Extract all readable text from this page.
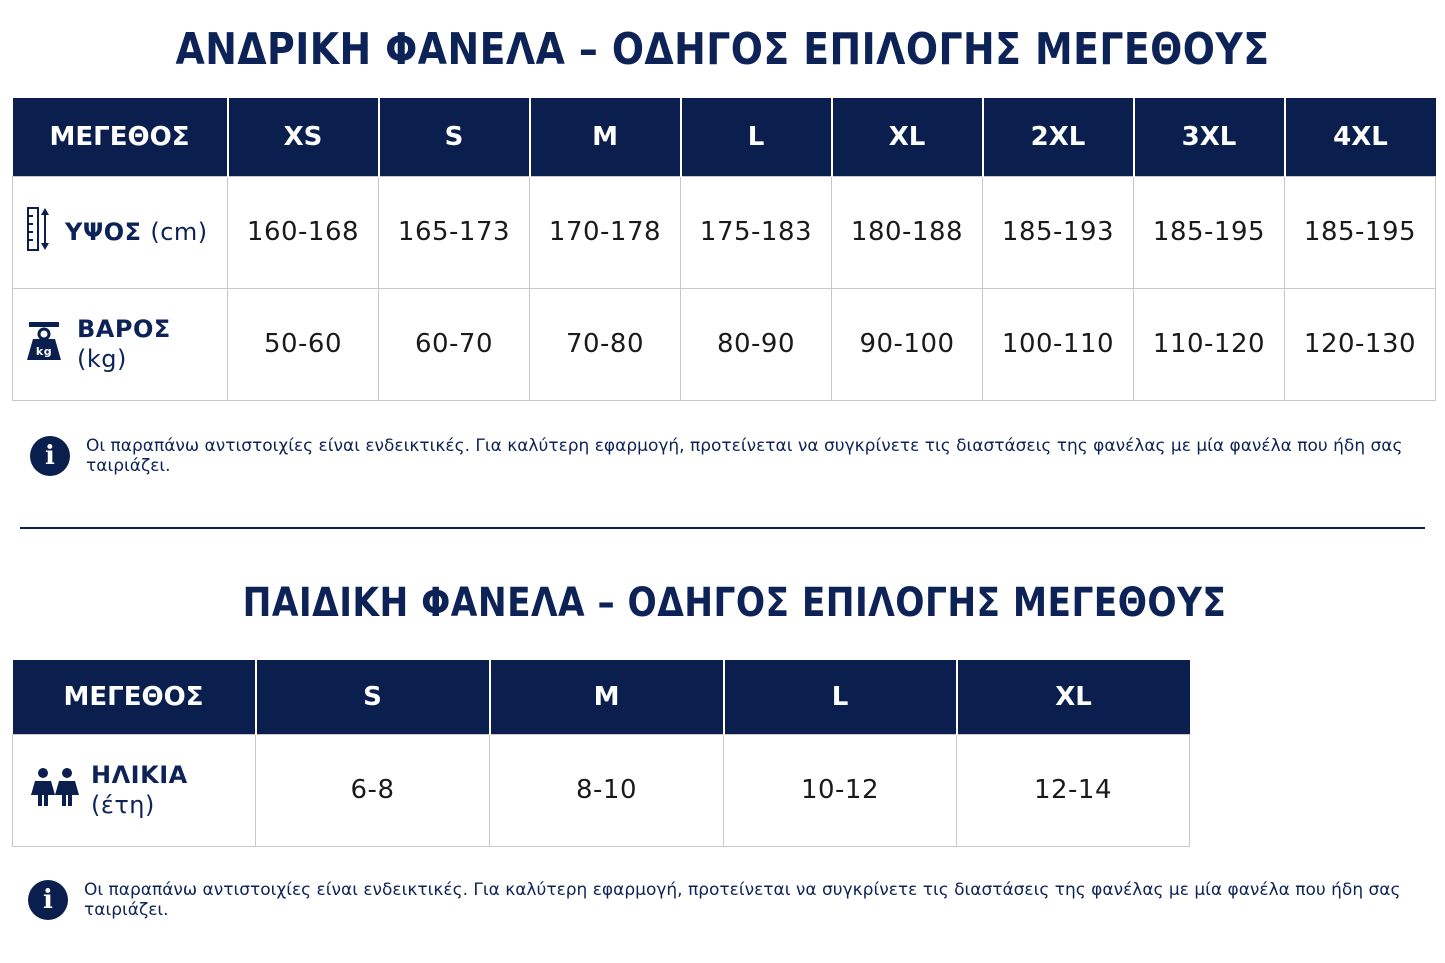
ΑΝΔΡΙΚΗ ΦΑΝΕΛΑ – ΟΔΗΓΟΣ ΕΠΙΛΟΓΗΣ ΜΕΓΕΘΟΥΣ
ΜΕΓΕΘΟΣ	XS	S	M	L	XL	2XL	3XL	4XL

ΥΨΟΣ (cm)	160-168	165-173	170-178	175-183	180-188	185-193	185-195	185-195

kg
ΒΑΡΟΣ (kg)	50-60	60-70	70-80	80-90	90-100	100-110	110-120	120-130
i	Οι παραπάνω αντιστοιχίες είναι ενδεικτικές. Για καλύτερη εφαρμογή, προτείνεται να συγκρίνετε τις διαστάσεις της φανέλας με μία φανέλα που ήδη σας ταιριάζει.
ΠΑΙΔΙΚΗ ΦΑΝΕΛΑ – ΟΔΗΓΟΣ ΕΠΙΛΟΓΗΣ ΜΕΓΕΘΟΥΣ
ΜΕΓΕΘΟΣ	S	M	L	XL

ΗΛΙΚΙΑ (έτη)	6-8	8-10	10-12	12-14
i	Οι παραπάνω αντιστοιχίες είναι ενδεικτικές. Για καλύτερη εφαρμογή, προτείνεται να συγκρίνετε τις διαστάσεις της φανέλας με μία φανέλα που ήδη σας ταιριάζει.
